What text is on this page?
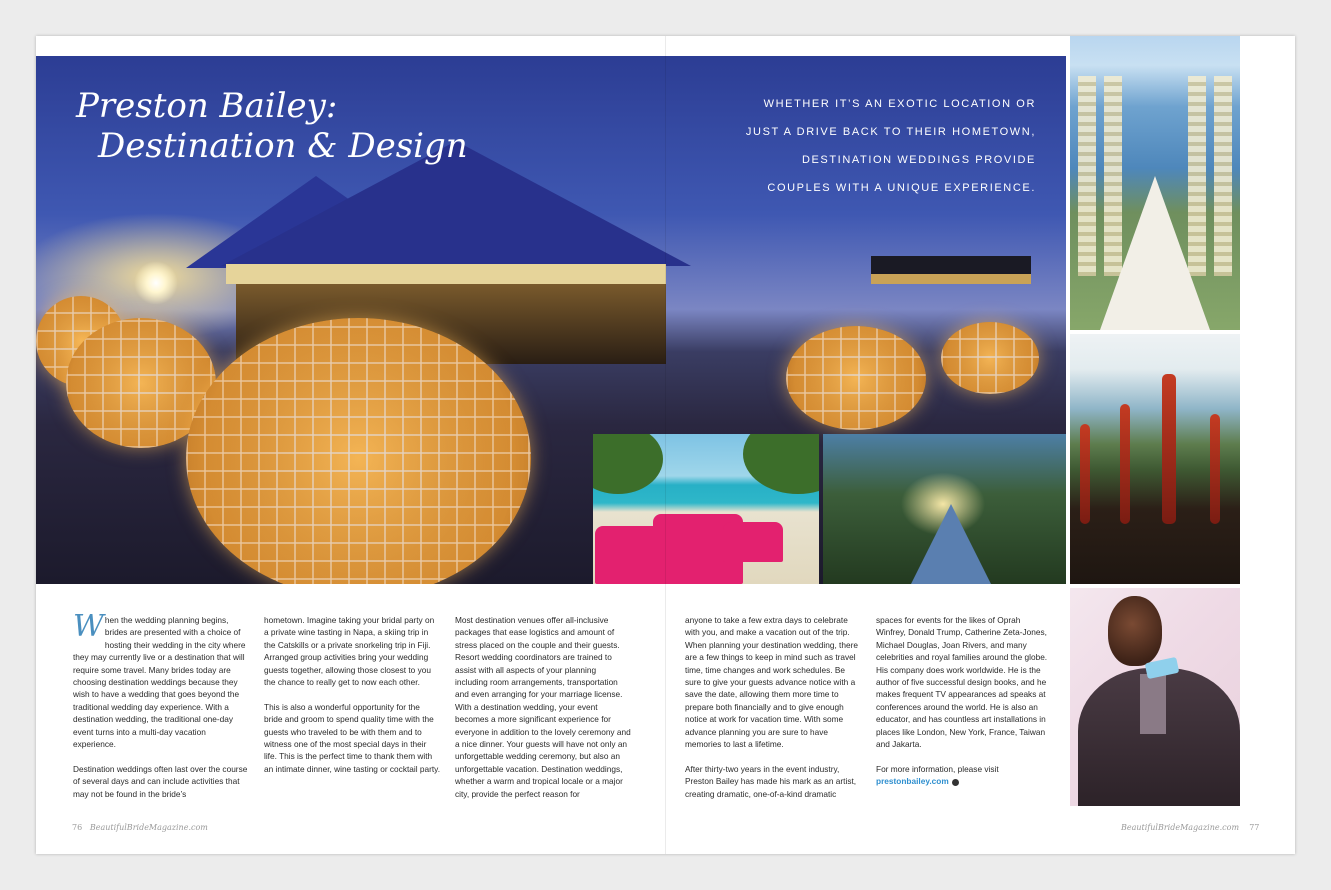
Preston Bailey:
Destination & Design
WHETHER IT’S AN EXOTIC LOCATION OR
JUST A DRIVE BACK TO THEIR HOMETOWN,
DESTINATION WEDDINGS PROVIDE
COUPLES WITH A UNIQUE EXPERIENCE.

When the wedding planning begins, brides are presented with a choice of hosting their wedding in the city where they may currently live or a destination that will require some travel. Many brides today are choosing destination weddings because they wish to have a wedding that goes beyond the traditional wedding day experience. With a destination wedding, the traditional one-day event turns into a multi-day vacation experience.

Destination weddings often last over the course of several days and can include activities that may not be found in the bride’s

hometown. Imagine taking your bridal party on a private wine tasting in Napa, a skiing trip in the Catskills or a private snorkeling trip in Fiji. Arranged group activities bring your wedding guests together, allowing those closest to you the chance to really get to now each other.

This is also a wonderful opportunity for the bride and groom to spend quality time with the guests who traveled to be with them and to witness one of the most special days in their life. This is the perfect time to thank them with an intimate dinner, wine tasting or cocktail party.

Most destination venues offer all-inclusive packages that ease logistics and amount of stress placed on the couple and their guests. Resort wedding coordinators are trained to assist with all aspects of your planning including room arrangements, transportation and even arranging for your marriage license. With a destination wedding, your event becomes a more significant experience for everyone in addition to the lovely ceremony and a nice dinner. Your guests will have not only an unforgettable wedding ceremony, but also an unforgettable vacation. Destination weddings, whether a warm and tropical locale or a major city, provide the perfect reason for

anyone to take a few extra days to celebrate with you, and make a vacation out of the trip. When planning your destination wedding, there are a few things to keep in mind such as travel time, time changes and work schedules. Be sure to give your guests advance notice with a save the date, allowing them more time to prepare both financially and to give enough notice at work for vacation time. With some advance planning you are sure to have memories to last a lifetime.

After thirty-two years in the event industry, Preston Bailey has made his mark as an artist, creating dramatic, one-of-a-kind dramatic

spaces for events for the likes of Oprah Winfrey, Donald Trump, Catherine Zeta-Jones, Michael Douglas, Joan Rivers, and many celebrities and royal families around the globe. His company does work worldwide. He is the author of five successful design books, and he makes frequent TV appearances ad speaks at conferences around the world. He is also an educator, and has countless art installations in places like London, New York, France, Taiwan and Jakarta.

For more information, please visit
prestonbailey.com

76 BeautifulBrideMagazine.com	BeautifulBrideMagazine.com 77
